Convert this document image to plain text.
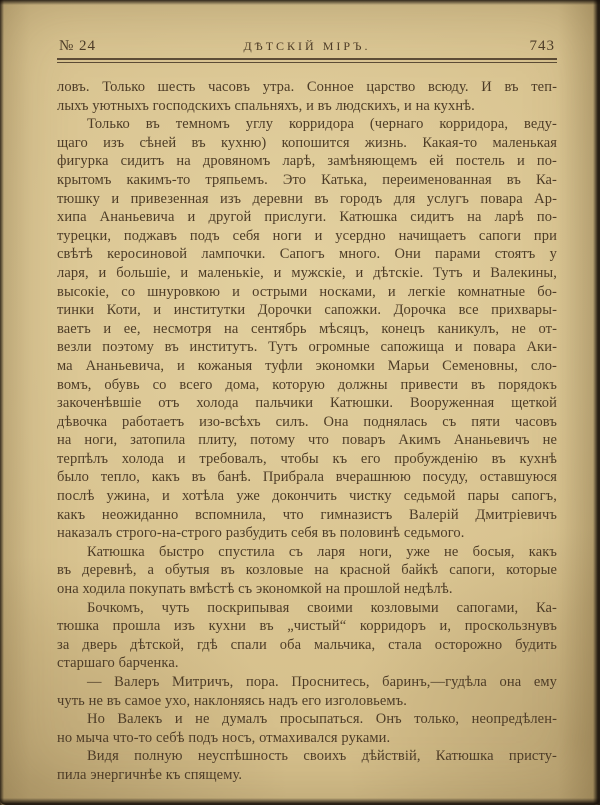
№ 24	ДѢТСКІЙ МІРЪ.	743
ловъ. Только шесть часовъ утра. Сонное царство всюду. И въ теп-
лыхъ уютныхъ господскихъ спальняхъ, и въ людскихъ, и на кухнѣ.
Только въ темномъ углу корридора (чернаго корридора, веду-
щаго изъ сѣней въ кухню) копошится жизнь. Какая-то маленькая
фигурка сидитъ на дровяномъ ларѣ, замѣняющемъ ей постель и по-
крытомъ какимъ-то тряпьемъ. Это Катька, переименованная въ Ка-
тюшку и привезенная изъ деревни въ городъ для услугъ повара Ар-
хипа Ананьевича и другой прислуги. Катюшка сидитъ на ларѣ по-
турецки, поджавъ подъ себя ноги и усердно начищаетъ сапоги при
свѣтѣ керосиновой лампочки. Сапогъ много. Они парами стоятъ у
ларя, и большіе, и маленькіе, и мужскіе, и дѣтскіе. Тутъ и Валекины,
высокіе, со шнуровкою и острыми носками, и легкіе комнатные бо-
тинки Коти, и институтки Дорочки сапожки. Дорочка все прихвары-
ваетъ и ее, несмотря на сентябрь мѣсяцъ, конецъ каникулъ, не от-
везли поэтому въ институтъ. Тутъ огромные сапожища и повара Аки-
ма Ананьевича, и кожаныя туфли экономки Марьи Семеновны, сло-
вомъ, обувь со всего дома, которую должны привести въ порядокъ
закоченѣвшіе отъ холода пальчики Катюшки. Вооруженная щеткой
дѣвочка работаетъ изо-всѣхъ силъ. Она поднялась съ пяти часовъ
на ноги, затопила плиту, потому что поваръ Акимъ Ананьевичъ не
терпѣлъ холода и требовалъ, чтобы къ его пробужденію въ кухнѣ
было тепло, какъ въ банѣ. Прибрала вчерашнюю посуду, оставшуюся
послѣ ужина, и хотѣла уже докончить чистку седьмой пары сапогъ,
какъ неожиданно вспомнила, что гимназистъ Валерій Дмитріевичъ
наказалъ строго-на-строго разбудить себя въ половинѣ седьмого.
Катюшка быстро спустила съ ларя ноги, уже не босыя, какъ
въ деревнѣ, а обутыя въ козловые на красной байкѣ сапоги, которые
она ходила покупать вмѣстѣ съ экономкой на прошлой недѣлѣ.
Бочкомъ, чуть поскрипывая своими козловыми сапогами, Ка-
тюшка прошла изъ кухни въ „чистый“ корридоръ и, проскользнувъ
за дверь дѣтской, гдѣ спали оба мальчика, стала осторожно будить
старшаго барченка.
— Валеръ Митричъ, пора. Проснитесь, баринъ,—гудѣла она ему
чуть не въ самое ухо, наклоняясь надъ его изголовьемъ.
Но Валекъ и не думалъ просыпаться. Онъ только, неопредѣлен-
но мыча что-то себѣ подъ носъ, отмахивался руками.
Видя полную неуспѣшность своихъ дѣйствій, Катюшка присту-
пила энергичнѣе къ спящему.
